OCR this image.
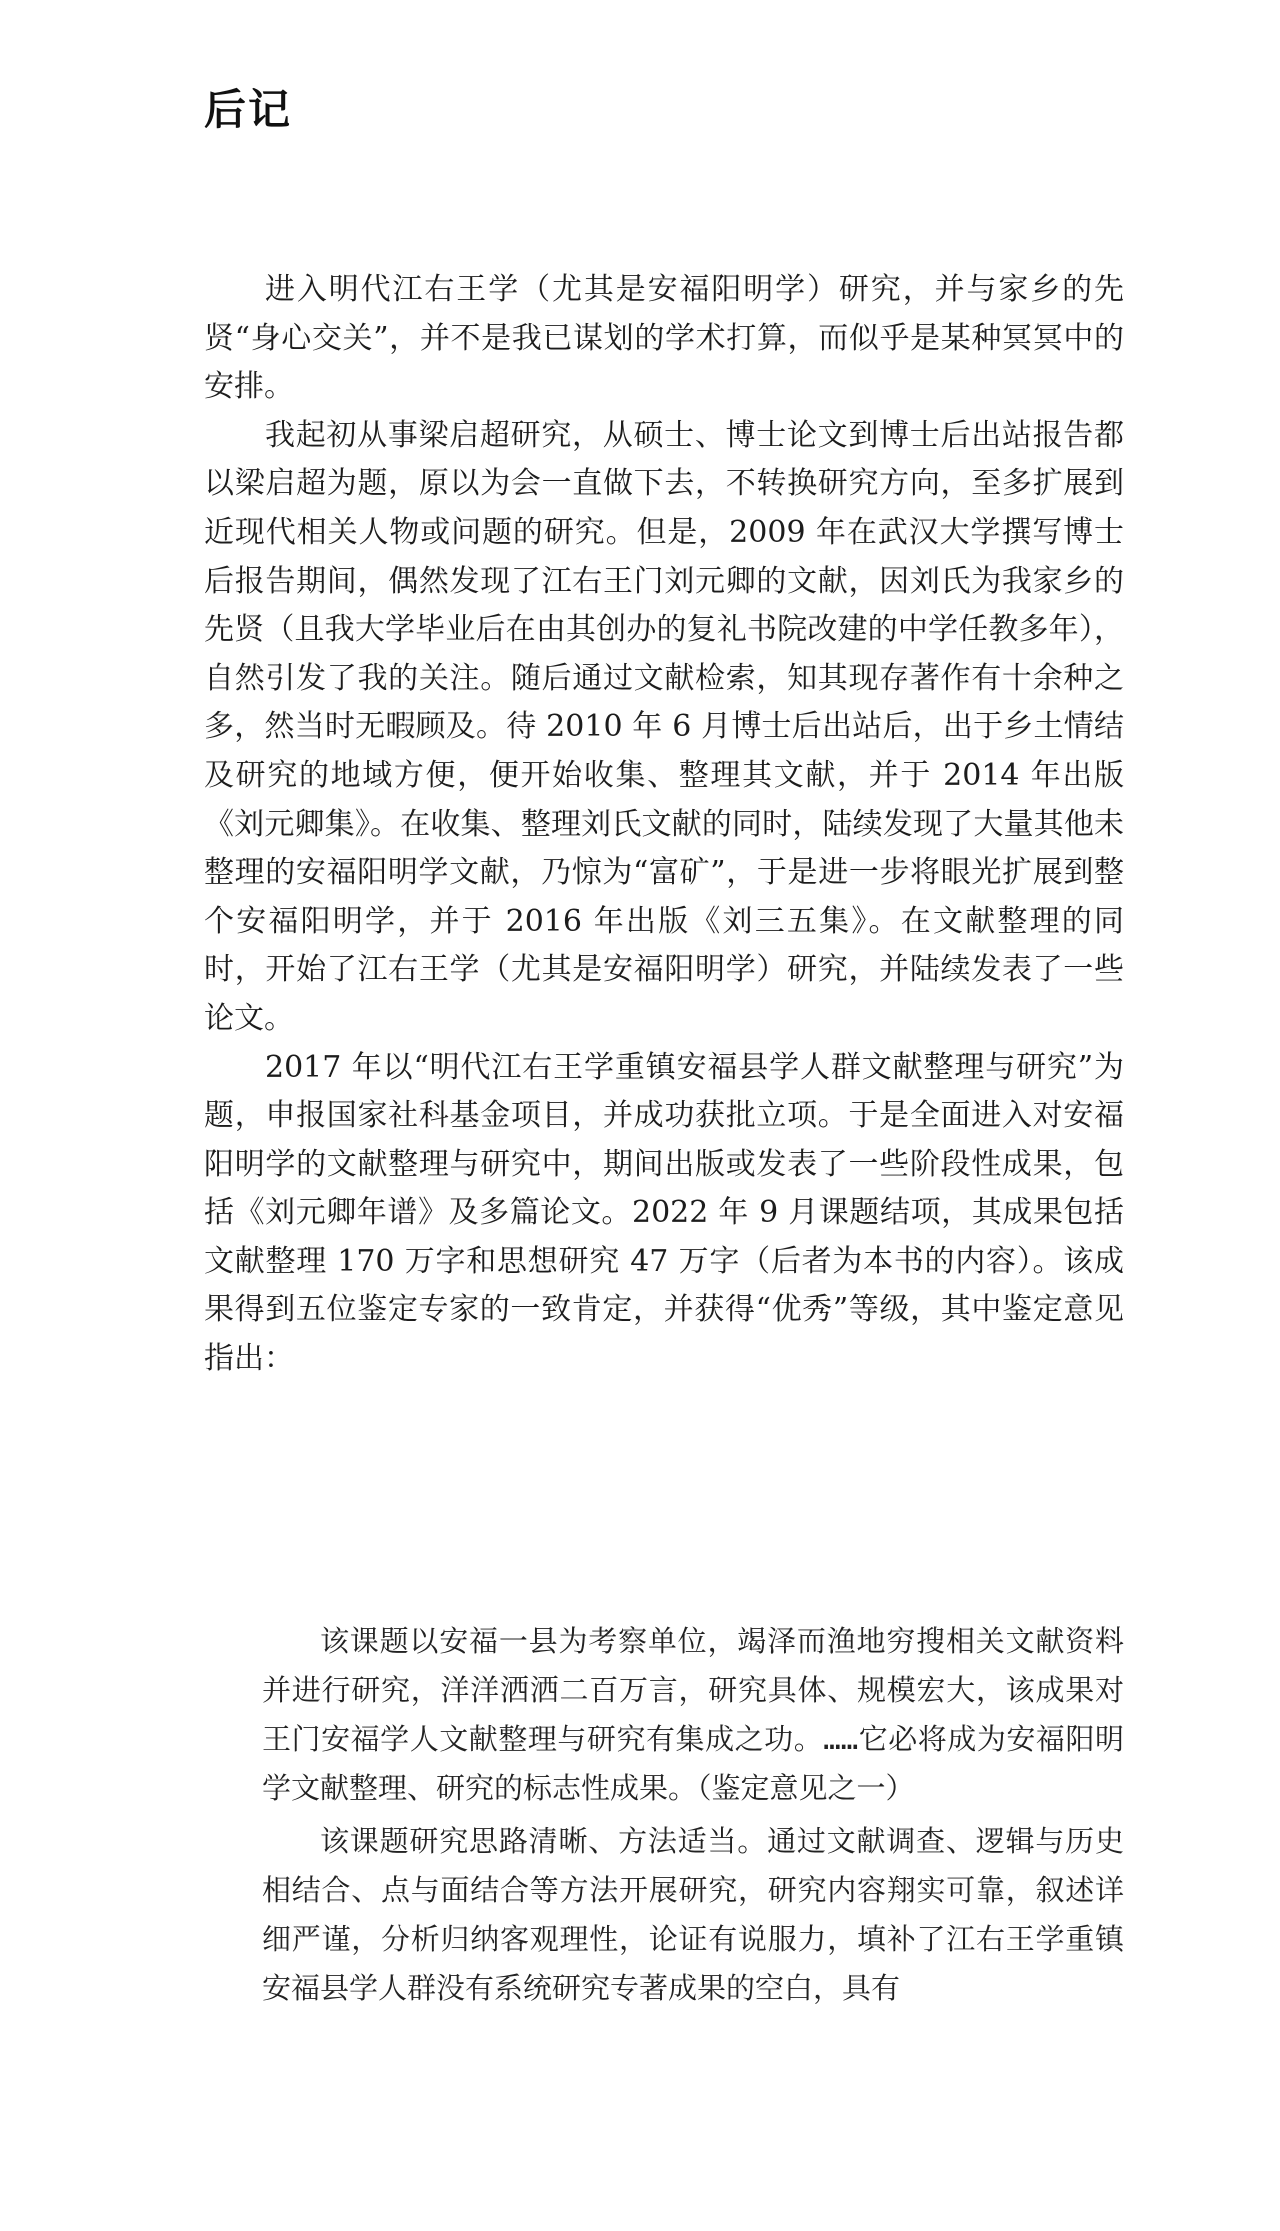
后记

进入明代江右王学（尤其是安福阳明学）研究，并与家乡的先贤“身心交关”，并不是我已谋划的学术打算，而似乎是某种冥冥中的安排。

我起初从事梁启超研究，从硕士、博士论文到博士后出站报告都以梁启超为题，原以为会一直做下去，不转换研究方向，至多扩展到近现代相关人物或问题的研究。但是，2009 年在武汉大学撰写博士后报告期间，偶然发现了江右王门刘元卿的文献，因刘氏为我家乡的先贤（且我大学毕业后在由其创办的复礼书院改建的中学任教多年），自然引发了我的关注。随后通过文献检索，知其现存著作有十余种之多，然当时无暇顾及。待 2010 年 6 月博士后出站后，出于乡土情结及研究的地域方便，便开始收集、整理其文献，并于 2014 年出版《刘元卿集》。在收集、整理刘氏文献的同时，陆续发现了大量其他未整理的安福阳明学文献，乃惊为“富矿”，于是进一步将眼光扩展到整个安福阳明学，并于 2016 年出版《刘三五集》。在文献整理的同时，开始了江右王学（尤其是安福阳明学）研究，并陆续发表了一些论文。

2017 年以“明代江右王学重镇安福县学人群文献整理与研究”为题，申报国家社科基金项目，并成功获批立项。于是全面进入对安福阳明学的文献整理与研究中，期间出版或发表了一些阶段性成果，包括《刘元卿年谱》及多篇论文。2022 年 9 月课题结项，其成果包括文献整理 170 万字和思想研究 47 万字（后者为本书的内容）。该成果得到五位鉴定专家的一致肯定，并获得“优秀”等级，其中鉴定意见指出：

该课题以安福一县为考察单位，竭泽而渔地穷搜相关文献资料并进行研究，洋洋洒洒二百万言，研究具体、规模宏大，该成果对王门安福学人文献整理与研究有集成之功。……它必将成为安福阳明学文献整理、研究的标志性成果。（鉴定意见之一）

该课题研究思路清晰、方法适当。通过文献调查、逻辑与历史相结合、点与面结合等方法开展研究，研究内容翔实可靠，叙述详细严谨，分析归纳客观理性，论证有说服力，填补了江右王学重镇安福县学人群没有系统研究专著成果的空白，具有
